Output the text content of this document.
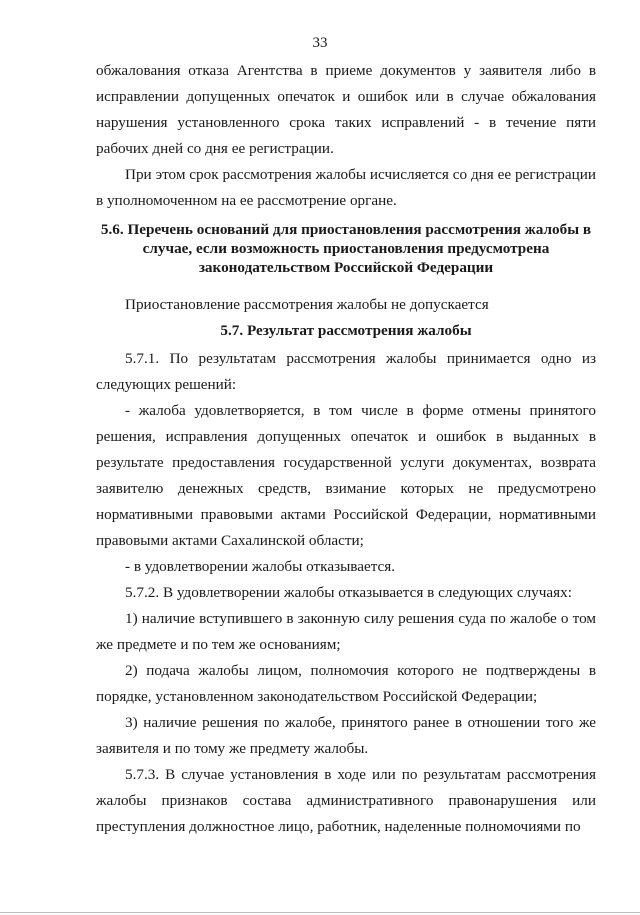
33

обжалования отказа Агентства в приеме документов у заявителя либо в исправлении допущенных опечаток и ошибок или в случае обжалования нарушения установленного срока таких исправлений - в течение пяти рабочих дней со дня ее регистрации.

При этом срок рассмотрения жалобы исчисляется со дня ее регистрации в уполномоченном на ее рассмотрение органе.

5.6. Перечень оснований для приостановления рассмотрения жалобы в случае, если возможность приостановления предусмотрена законодательством Российской Федерации

Приостановление рассмотрения жалобы не допускается

5.7. Результат рассмотрения жалобы

5.7.1. По результатам рассмотрения жалобы принимается одно из следующих решений:

- жалоба удовлетворяется, в том числе в форме отмены принятого решения, исправления допущенных опечаток и ошибок в выданных в результате предоставления государственной услуги документах, возврата заявителю денежных средств, взимание которых не предусмотрено нормативными правовыми актами Российской Федерации, нормативными правовыми актами Сахалинской области;

- в удовлетворении жалобы отказывается.

5.7.2. В удовлетворении жалобы отказывается в следующих случаях:

1) наличие вступившего в законную силу решения суда по жалобе о том же предмете и по тем же основаниям;

2) подача жалобы лицом, полномочия которого не подтверждены в порядке, установленном законодательством Российской Федерации;

3) наличие решения по жалобе, принятого ранее в отношении того же заявителя и по тому же предмету жалобы.

5.7.3. В случае установления в ходе или по результатам рассмотрения жалобы признаков состава административного правонарушения или преступления должностное лицо, работник, наделенные полномочиями по
